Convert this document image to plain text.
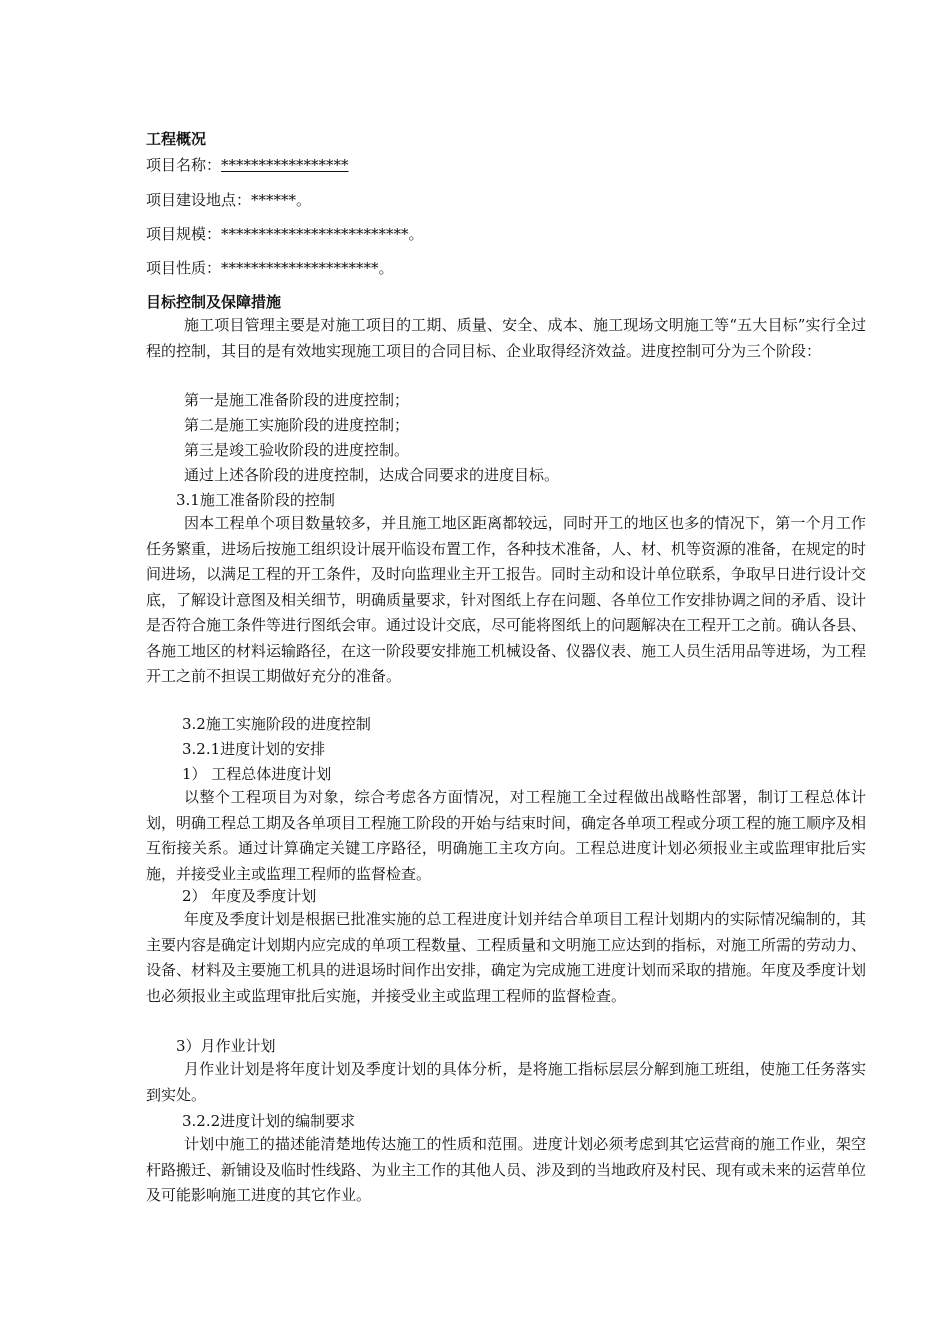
工程概况
项目名称：*****************
项目建设地点：******。
项目规模：*************************。
项目性质：*********************。
目标控制及保障措施
施工项目管理主要是对施工项目的工期、质量、安全、成本、施工现场文明施工等“五大目标”实行全过程的控制，其目的是有效地实现施工项目的合同目标、企业取得经济效益。进度控制可分为三个阶段：
第一是施工准备阶段的进度控制；
第二是施工实施阶段的进度控制；
第三是竣工验收阶段的进度控制。
通过上述各阶段的进度控制，达成合同要求的进度目标。
3.1施工准备阶段的控制
因本工程单个项目数量较多，并且施工地区距离都较远，同时开工的地区也多的情况下，第一个月工作任务繁重，进场后按施工组织设计展开临设布置工作，各种技术准备，人、材、机等资源的准备，在规定的时间进场，以满足工程的开工条件，及时向监理业主开工报告。同时主动和设计单位联系，争取早日进行设计交底，了解设计意图及相关细节，明确质量要求，针对图纸上存在问题、各单位工作安排协调之间的矛盾、设计是否符合施工条件等进行图纸会审。通过设计交底，尽可能将图纸上的问题解决在工程开工之前。确认各县、各施工地区的材料运输路径，在这一阶段要安排施工机械设备、仪器仪表、施工人员生活用品等进场，为工程开工之前不担误工期做好充分的准备。
3.2施工实施阶段的进度控制
3.2.1进度计划的安排
1） 工程总体进度计划
以整个工程项目为对象，综合考虑各方面情况，对工程施工全过程做出战略性部署，制订工程总体计划，明确工程总工期及各单项目工程施工阶段的开始与结束时间，确定各单项工程或分项工程的施工顺序及相互衔接关系。通过计算确定关键工序路径，明确施工主攻方向。工程总进度计划必须报业主或监理审批后实施，并接受业主或监理工程师的监督检查。
2） 年度及季度计划
年度及季度计划是根据已批准实施的总工程进度计划并结合单项目工程计划期内的实际情况编制的，其主要内容是确定计划期内应完成的单项工程数量、工程质量和文明施工应达到的指标，对施工所需的劳动力、设备、材料及主要施工机具的进退场时间作出安排，确定为完成施工进度计划而采取的措施。年度及季度计划也必须报业主或监理审批后实施，并接受业主或监理工程师的监督检查。
3）月作业计划
月作业计划是将年度计划及季度计划的具体分析，是将施工指标层层分解到施工班组，使施工任务落实到实处。
3.2.2进度计划的编制要求
计划中施工的描述能清楚地传达施工的性质和范围。进度计划必须考虑到其它运营商的施工作业，架空杆路搬迁、新铺设及临时性线路、为业主工作的其他人员、涉及到的当地政府及村民、现有或未来的运营单位及可能影响施工进度的其它作业。
